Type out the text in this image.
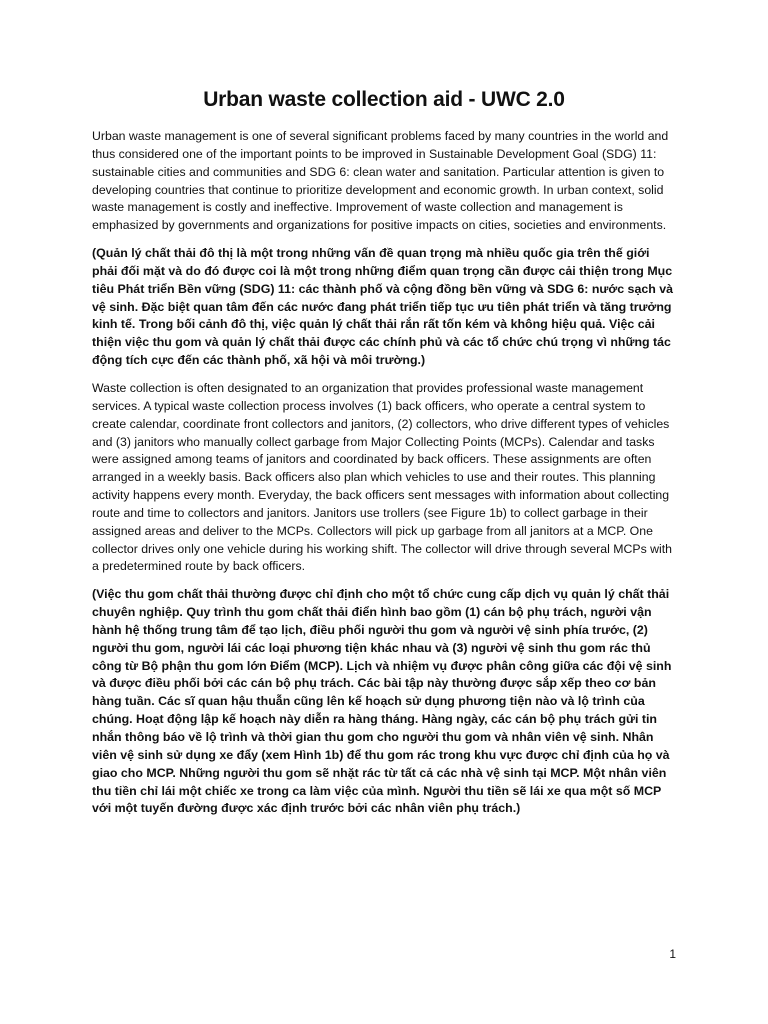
Urban waste collection aid - UWC 2.0

Urban waste management is one of several significant problems faced by many countries in the world and thus considered one of the important points to be improved in Sustainable Development Goal (SDG) 11: sustainable cities and communities and SDG 6: clean water and sanitation. Particular attention is given to developing countries that continue to prioritize development and economic growth. In urban context, solid waste management is costly and ineffective. Improvement of waste collection and management is emphasized by governments and organizations for positive impacts on cities, societies and environments.

(Quản lý chất thải đô thị là một trong những vấn đề quan trọng mà nhiều quốc gia trên thế giới phải đối mặt và do đó được coi là một trong những điểm quan trọng cần được cải thiện trong Mục tiêu Phát triển Bền vững (SDG) 11: các thành phố và cộng đồng bền vững và SDG 6: nước sạch và vệ sinh. Đặc biệt quan tâm đến các nước đang phát triển tiếp tục ưu tiên phát triển và tăng trưởng kinh tế. Trong bối cảnh đô thị, việc quản lý chất thải rắn rất tốn kém và không hiệu quả. Việc cải thiện việc thu gom và quản lý chất thải được các chính phủ và các tổ chức chú trọng vì những tác động tích cực đến các thành phố, xã hội và môi trường.)

Waste collection is often designated to an organization that provides professional waste management services. A typical waste collection process involves (1) back officers, who operate a central system to create calendar, coordinate front collectors and janitors, (2) collectors, who drive different types of vehicles and (3) janitors who manually collect garbage from Major Collecting Points (MCPs). Calendar and tasks were assigned among teams of janitors and coordinated by back officers. These assignments are often arranged in a weekly basis. Back officers also plan which vehicles to use and their routes. This planning activity happens every month. Everyday, the back officers sent messages with information about collecting route and time to collectors and janitors. Janitors use trollers (see Figure 1b) to collect garbage in their assigned areas and deliver to the MCPs. Collectors will pick up garbage from all janitors at a MCP. One collector drives only one vehicle during his working shift. The collector will drive through several MCPs with a predetermined route by back officers.

(Việc thu gom chất thải thường được chỉ định cho một tổ chức cung cấp dịch vụ quản lý chất thải chuyên nghiệp. Quy trình thu gom chất thải điển hình bao gồm (1) cán bộ phụ trách, người vận hành hệ thống trung tâm để tạo lịch, điều phối người thu gom và người vệ sinh phía trước, (2) người thu gom, người lái các loại phương tiện khác nhau và (3) người vệ sinh thu gom rác thủ công từ Bộ phận thu gom lớn Điểm (MCP). Lịch và nhiệm vụ được phân công giữa các đội vệ sinh và được điều phối bởi các cán bộ phụ trách. Các bài tập này thường được sắp xếp theo cơ bản hàng tuần. Các sĩ quan hậu thuẫn cũng lên kế hoạch sử dụng phương tiện nào và lộ trình của chúng. Hoạt động lập kế hoạch này diễn ra hàng tháng. Hàng ngày, các cán bộ phụ trách gửi tin nhắn thông báo về lộ trình và thời gian thu gom cho người thu gom và nhân viên vệ sinh. Nhân viên vệ sinh sử dụng xe đẩy (xem Hình 1b) để thu gom rác trong khu vực được chỉ định của họ và giao cho MCP. Những người thu gom sẽ nhặt rác từ tất cả các nhà vệ sinh tại MCP. Một nhân viên thu tiền chỉ lái một chiếc xe trong ca làm việc của mình. Người thu tiền sẽ lái xe qua một số MCP với một tuyến đường được xác định trước bởi các nhân viên phụ trách.)

1
